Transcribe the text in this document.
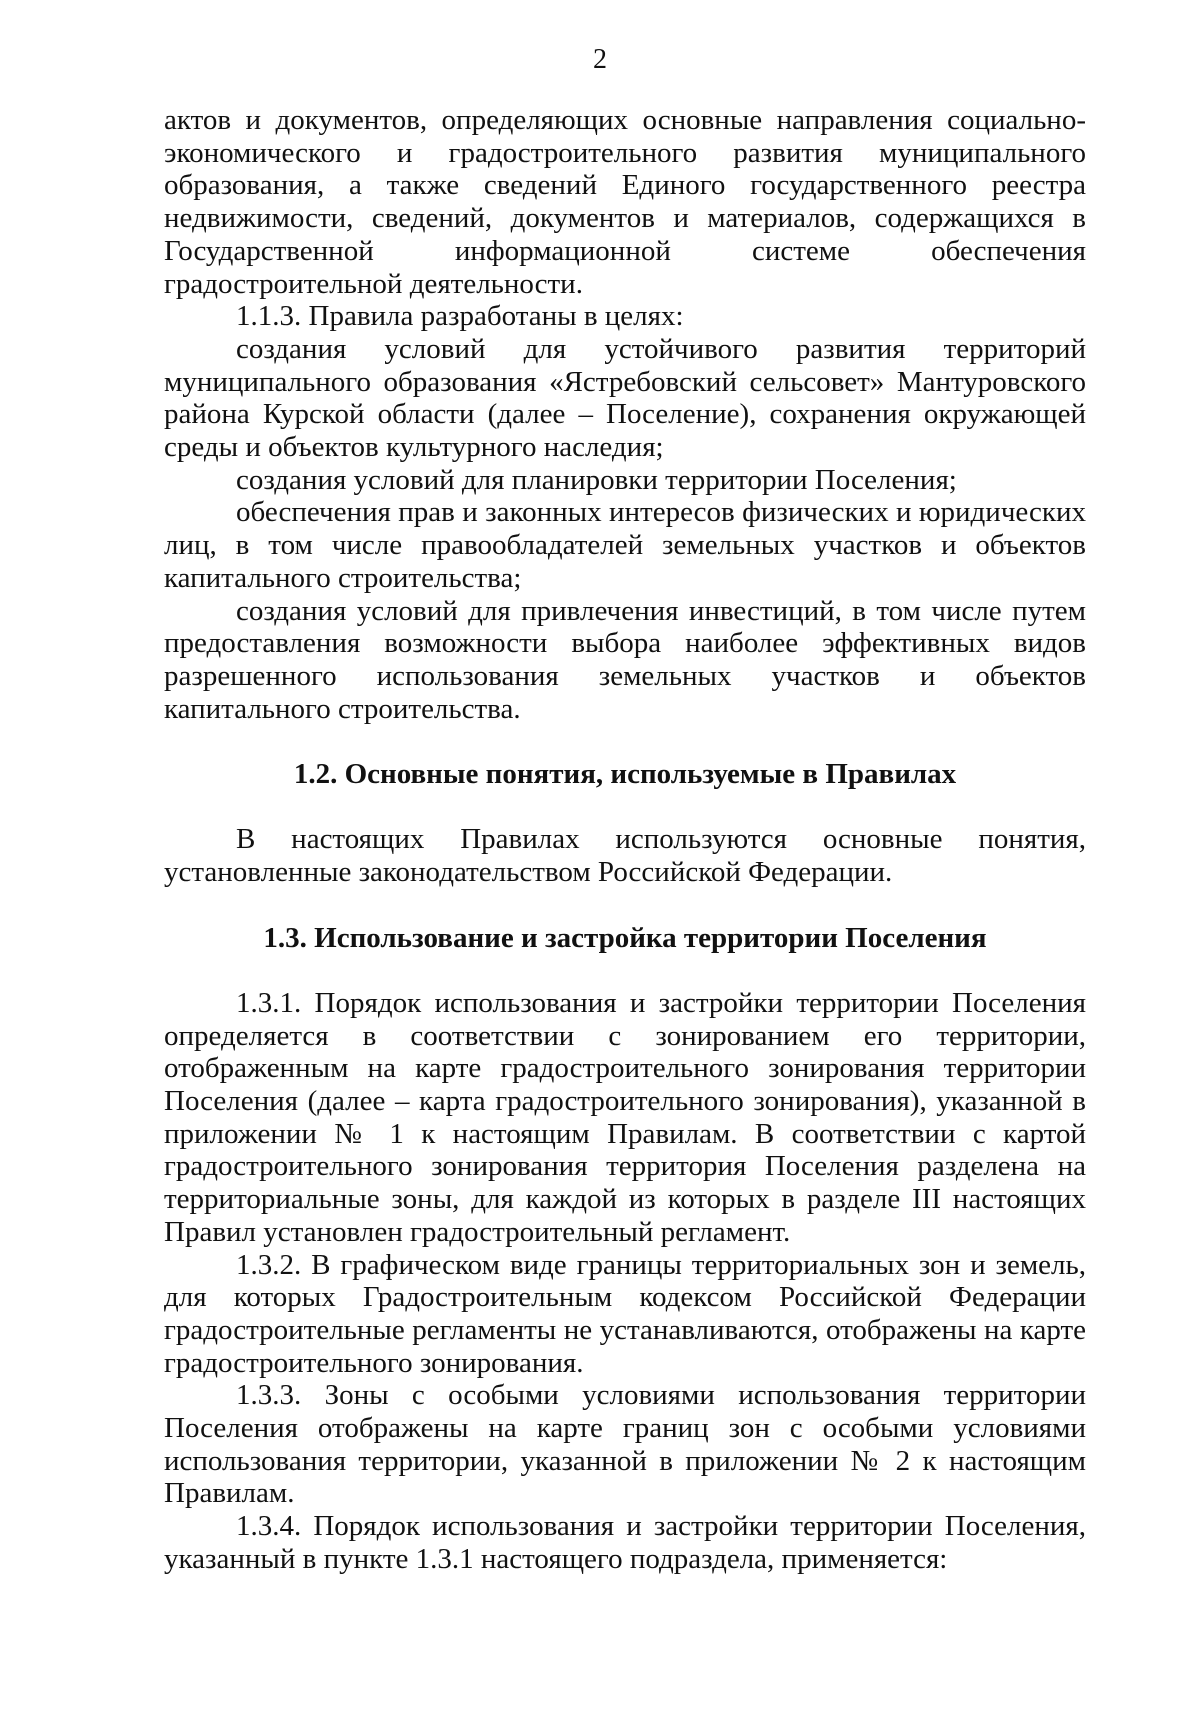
2

актов и документов, определяющих основные направления социально-экономического и градостроительного развития муниципального образования, а также сведений Единого государственного реестра недвижимости, сведений, документов и материалов, содержащихся в Государственной информационной системе обеспечения градостроительной деятельности.

1.1.3. Правила разработаны в целях:

создания условий для устойчивого развития территорий муниципального образования «Ястребовский сельсовет» Мантуровского района Курской области (далее – Поселение), сохранения окружающей среды и объектов культурного наследия;

создания условий для планировки территории Поселения;

обеспечения прав и законных интересов физических и юридических лиц, в том числе правообладателей земельных участков и объектов капитального строительства;

создания условий для привлечения инвестиций, в том числе путем предоставления возможности выбора наиболее эффективных видов разрешенного использования земельных участков и объектов капитального строительства.

1.2. Основные понятия, используемые в Правилах

В настоящих Правилах используются основные понятия, установленные законодательством Российской Федерации.

1.3. Использование и застройка территории Поселения

1.3.1. Порядок использования и застройки территории Поселения определяется в соответствии с зонированием его территории, отображенным на карте градостроительного зонирования территории Поселения (далее – карта градостроительного зонирования), указанной в приложении № 1 к настоящим Правилам. В соответствии с картой градостроительного зонирования территория Поселения разделена на территориальные зоны, для каждой из которых в разделе III настоящих Правил установлен градостроительный регламент.

1.3.2. В графическом виде границы территориальных зон и земель, для которых Градостроительным кодексом Российской Федерации градостроительные регламенты не устанавливаются, отображены на карте градостроительного зонирования.

1.3.3. Зоны с особыми условиями использования территории Поселения отображены на карте границ зон с особыми условиями использования территории, указанной в приложении № 2 к настоящим Правилам.

1.3.4. Порядок использования и застройки территории Поселения, указанный в пункте 1.3.1 настоящего подраздела, применяется:
